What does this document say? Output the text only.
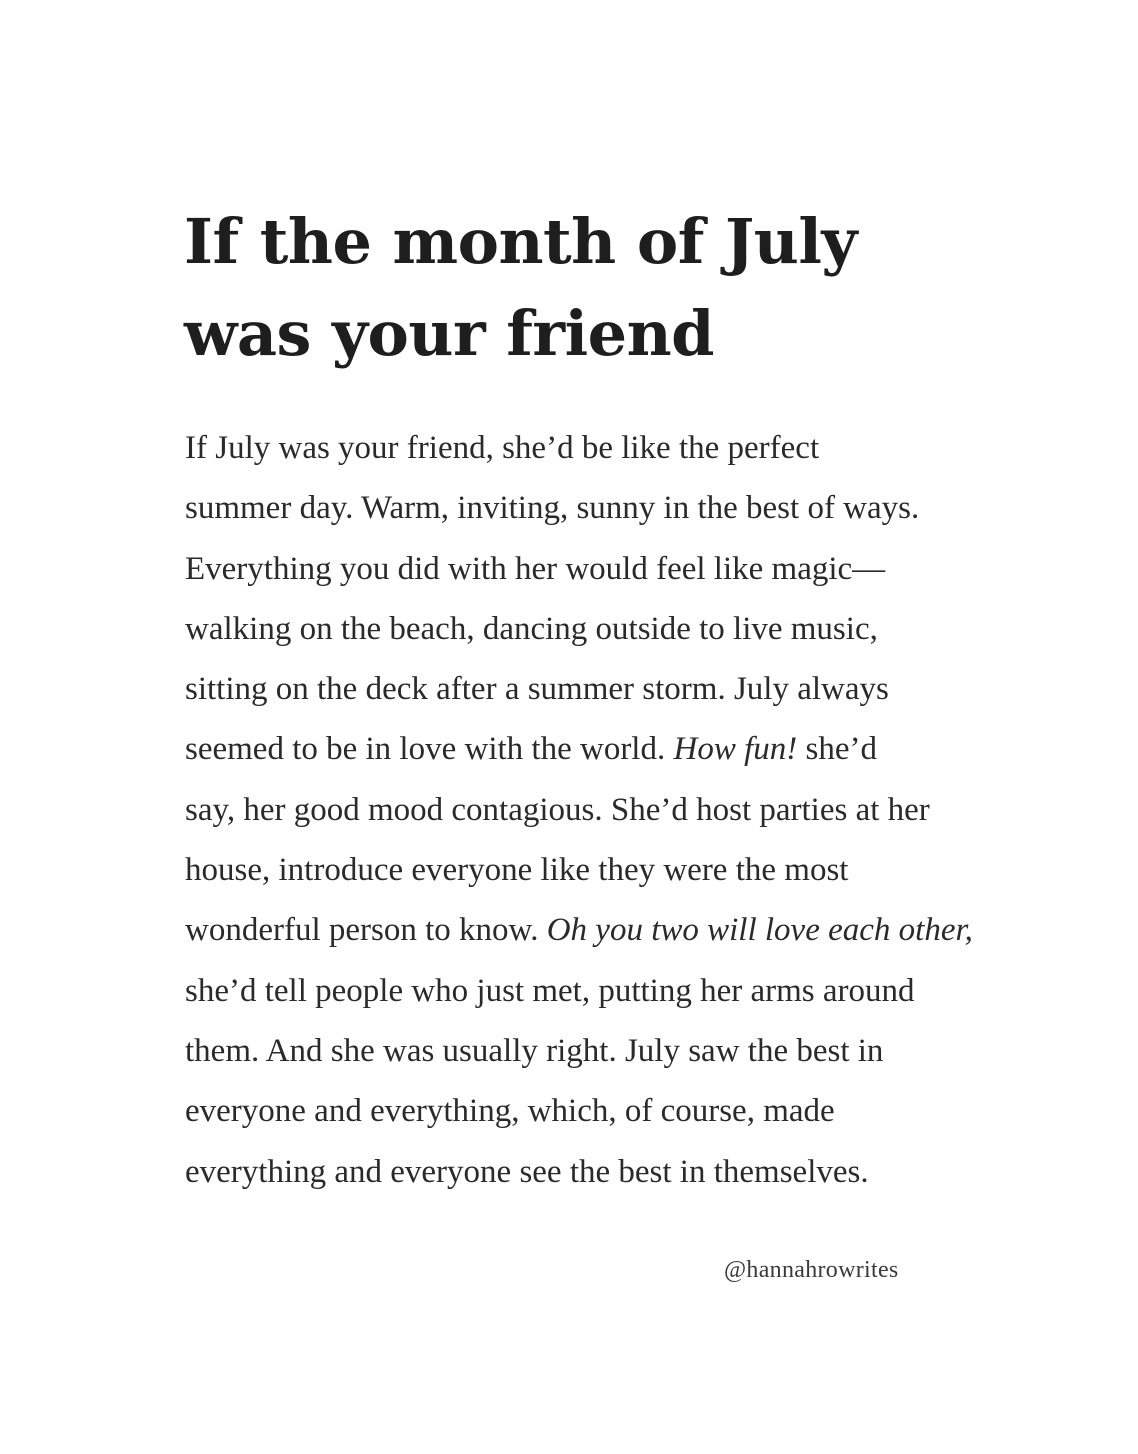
If the month of July
was your friend

If July was your friend, she’d be like the perfect
summer day. Warm, inviting, sunny in the best of ways.
Everything you did with her would feel like magic—
walking on the beach, dancing outside to live music,
sitting on the deck after a summer storm. July always
seemed to be in love with the world. How fun! she’d
say, her good mood contagious. She’d host parties at her
house, introduce everyone like they were the most
wonderful person to know. Oh you two will love each other,
she’d tell people who just met, putting her arms around
them. And she was usually right. July saw the best in
everyone and everything, which, of course, made
everything and everyone see the best in themselves.

@hannahrowrites
